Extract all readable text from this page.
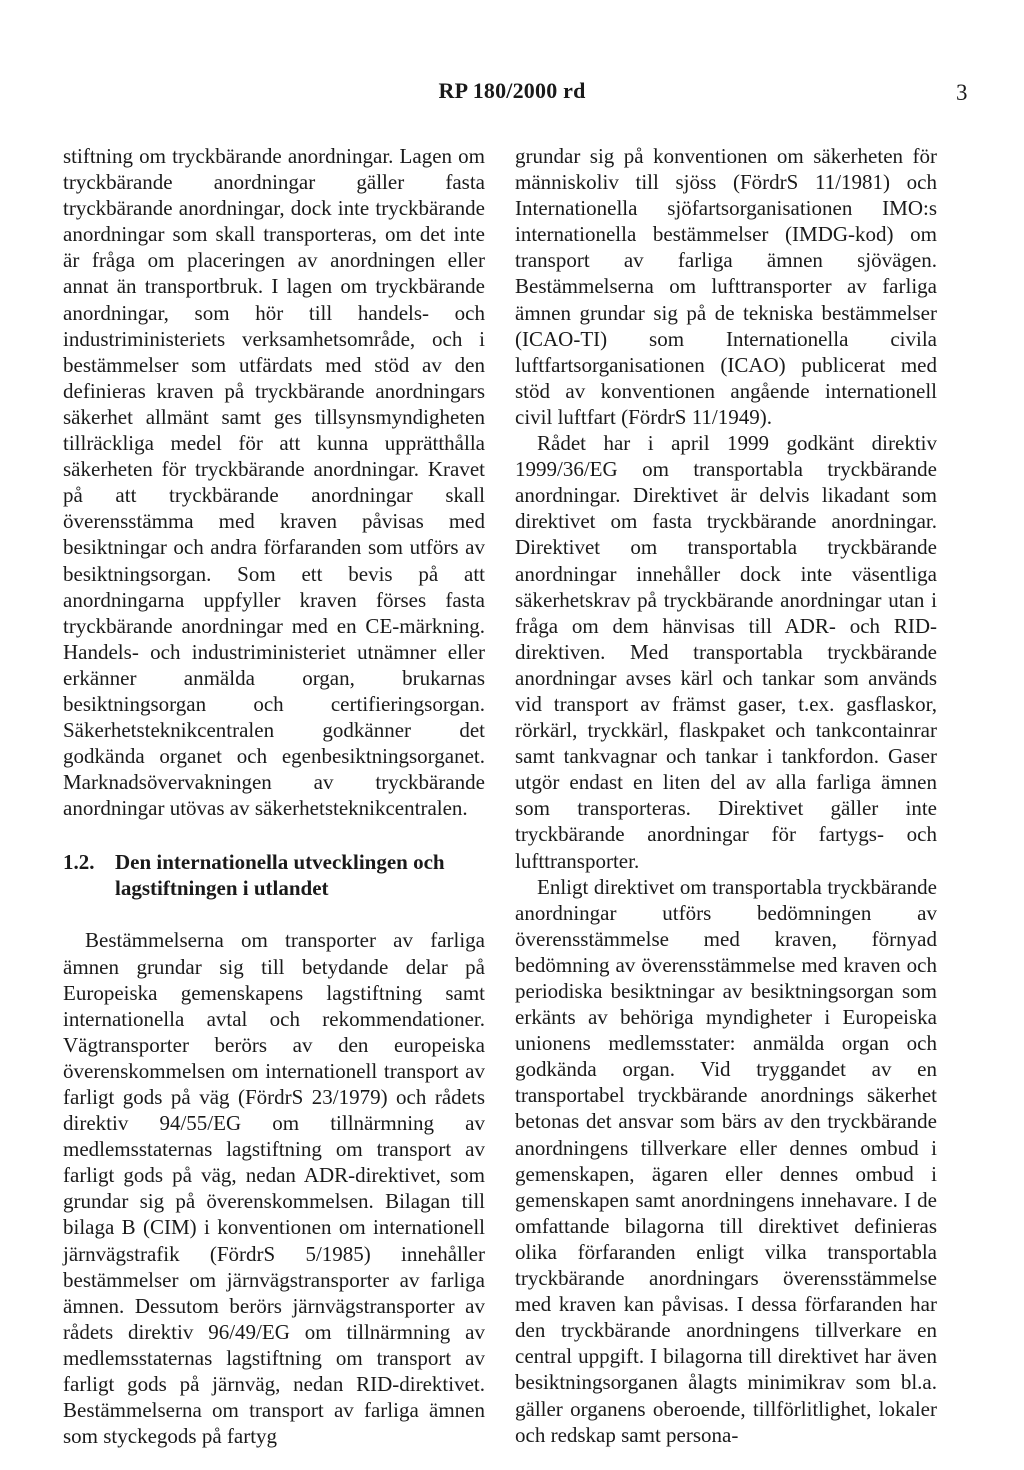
RP 180/2000 rd	3

stiftning om tryckbärande anordningar. Lagen om tryckbärande anordningar gäller fasta tryckbärande anordningar, dock inte tryckbärande anordningar som skall transporteras, om det inte är fråga om placeringen av anordningen eller annat än transportbruk. I lagen om tryckbärande anordningar, som hör till handels- och industriministeriets verksamhetsområde, och i bestämmelser som utfärdats med stöd av den definieras kraven på tryckbärande anordningars säkerhet allmänt samt ges tillsynsmyndigheten tillräckliga medel för att kunna upprätthålla säkerheten för tryckbärande anordningar. Kravet på att tryckbärande anordningar skall överensstämma med kraven påvisas med besiktningar och andra förfaranden som utförs av besiktningsorgan. Som ett bevis på att anordningarna uppfyller kraven förses fasta tryckbärande anordningar med en CE-märkning. Handels- och industriministeriet utnämner eller erkänner anmälda organ, brukarnas besiktningsorgan och certifieringsorgan. Säkerhetsteknikcentralen godkänner det godkända organet och egenbesiktningsorganet. Marknadsövervakningen av tryckbärande anordningar utövas av säkerhetsteknikcentralen.

1.2. Den internationella utvecklingen och lagstiftningen i utlandet

Bestämmelserna om transporter av farliga ämnen grundar sig till betydande delar på Europeiska gemenskapens lagstiftning samt internationella avtal och rekommendationer. Vägtransporter berörs av den europeiska överenskommelsen om internationell transport av farligt gods på väg (FördrS 23/1979) och rådets direktiv 94/55/EG om tillnärmning av medlemsstaternas lagstiftning om transport av farligt gods på väg, nedan ADR-direktivet, som grundar sig på överenskommelsen. Bilagan till bilaga B (CIM) i konventionen om internationell järnvägstrafik (FördrS 5/1985) innehåller bestämmelser om järnvägstransporter av farliga ämnen. Dessutom berörs järnvägstransporter av rådets direktiv 96/49/EG om tillnärmning av medlemsstaternas lagstiftning om transport av farligt gods på järnväg, nedan RID-direktivet. Bestämmelserna om transport av farliga ämnen som styckegods på fartyg

grundar sig på konventionen om säkerheten för människoliv till sjöss (FördrS 11/1981) och Internationella sjöfartsorganisationen IMO:s internationella bestämmelser (IMDG-kod) om transport av farliga ämnen sjövägen. Bestämmelserna om lufttransporter av farliga ämnen grundar sig på de tekniska bestämmelser (ICAO-TI) som Internationella civila luftfartsorganisationen (ICAO) publicerat med stöd av konventionen angående internationell civil luftfart (FördrS 11/1949).

Rådet har i april 1999 godkänt direktiv 1999/36/EG om transportabla tryckbärande anordningar. Direktivet är delvis likadant som direktivet om fasta tryckbärande anordningar. Direktivet om transportabla tryckbärande anordningar innehåller dock inte väsentliga säkerhetskrav på tryckbärande anordningar utan i fråga om dem hänvisas till ADR- och RID-direktiven. Med transportabla tryckbärande anordningar avses kärl och tankar som används vid transport av främst gaser, t.ex. gasflaskor, rörkärl, tryckkärl, flaskpaket och tankcontainrar samt tankvagnar och tankar i tankfordon. Gaser utgör endast en liten del av alla farliga ämnen som transporteras. Direktivet gäller inte tryckbärande anordningar för fartygs- och lufttransporter.

Enligt direktivet om transportabla tryckbärande anordningar utförs bedömningen av överensstämmelse med kraven, förnyad bedömning av överensstämmelse med kraven och periodiska besiktningar av besiktningsorgan som erkänts av behöriga myndigheter i Europeiska unionens medlemsstater: anmälda organ och godkända organ. Vid tryggandet av en transportabel tryckbärande anordnings säkerhet betonas det ansvar som bärs av den tryckbärande anordningens tillverkare eller dennes ombud i gemenskapen, ägaren eller dennes ombud i gemenskapen samt anordningens innehavare. I de omfattande bilagorna till direktivet definieras olika förfaranden enligt vilka transportabla tryckbärande anordningars överensstämmelse med kraven kan påvisas. I dessa förfaranden har den tryckbärande anordningens tillverkare en central uppgift. I bilagorna till direktivet har även besiktningsorganen ålagts minimikrav som bl.a. gäller organens oberoende, tillförlitlighet, lokaler och redskap samt persona-
